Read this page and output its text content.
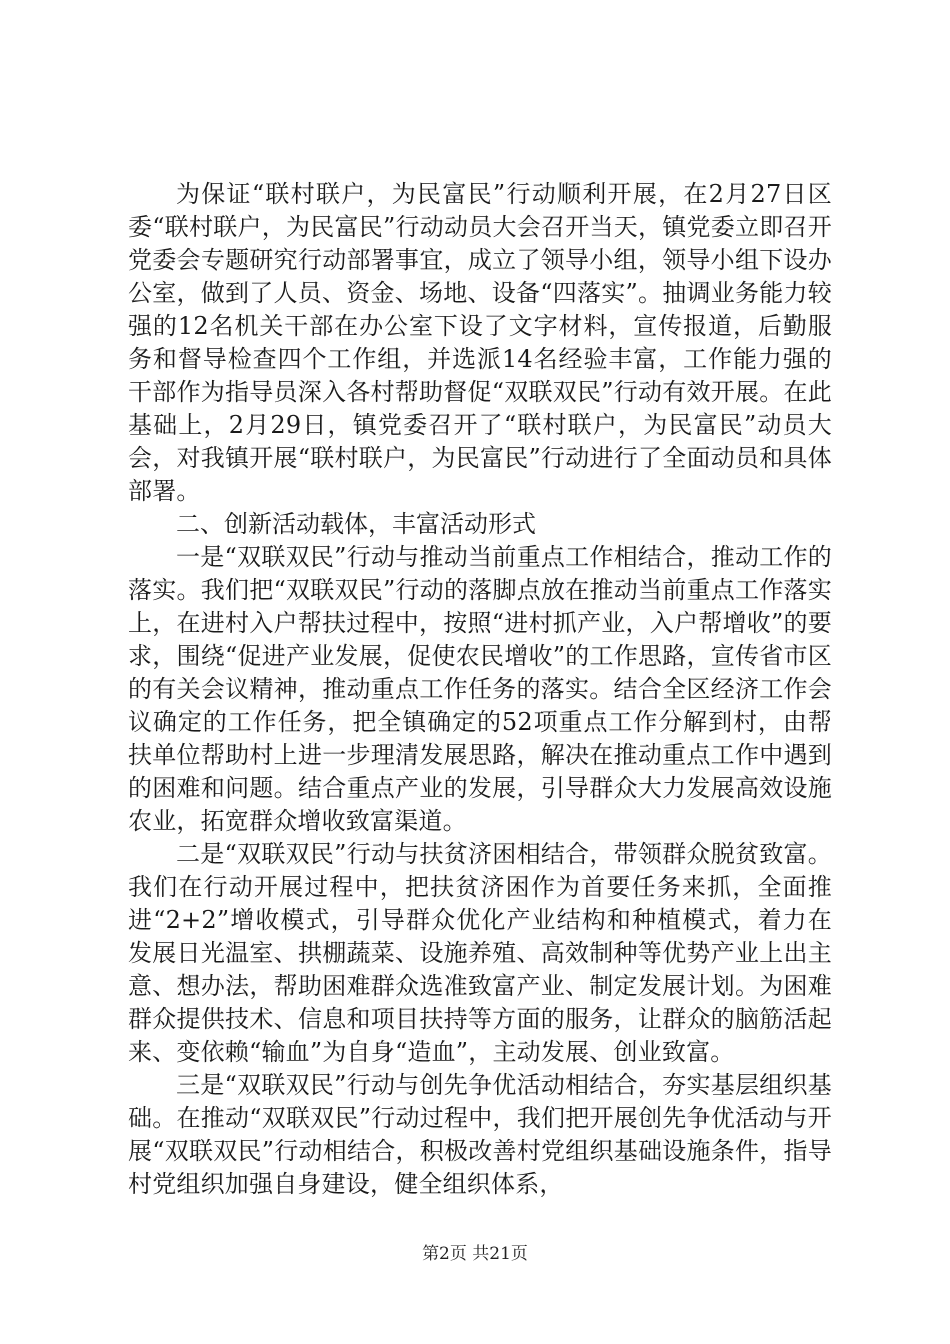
为保证“联村联户，为民富民”行动顺利开展，在2月27日区委“联村联户，为民富民”行动动员大会召开当天，镇党委立即召开党委会专题研究行动部署事宜，成立了领导小组，领导小组下设办公室，做到了人员、资金、场地、设备“四落实”。抽调业务能力较强的12名机关干部在办公室下设了文字材料，宣传报道，后勤服务和督导检查四个工作组，并选派14名经验丰富，工作能力强的干部作为指导员深入各村帮助督促“双联双民”行动有效开展。在此基础上，2月29日，镇党委召开了“联村联户，为民富民”动员大会，对我镇开展“联村联户，为民富民”行动进行了全面动员和具体部署。

二、创新活动载体，丰富活动形式

一是“双联双民”行动与推动当前重点工作相结合，推动工作的落实。我们把“双联双民”行动的落脚点放在推动当前重点工作落实上，在进村入户帮扶过程中，按照“进村抓产业，入户帮增收”的要求，围绕“促进产业发展，促使农民增收”的工作思路，宣传省市区的有关会议精神，推动重点工作任务的落实。结合全区经济工作会议确定的工作任务，把全镇确定的52项重点工作分解到村，由帮扶单位帮助村上进一步理清发展思路，解决在推动重点工作中遇到的困难和问题。结合重点产业的发展，引导群众大力发展高效设施农业，拓宽群众增收致富渠道。

二是“双联双民”行动与扶贫济困相结合，带领群众脱贫致富。我们在行动开展过程中，把扶贫济困作为首要任务来抓，全面推进“2+2”增收模式，引导群众优化产业结构和种植模式，着力在发展日光温室、拱棚蔬菜、设施养殖、高效制种等优势产业上出主意、想办法，帮助困难群众选准致富产业、制定发展计划。为困难群众提供技术、信息和项目扶持等方面的服务，让群众的脑筋活起来、变依赖“输血”为自身“造血”，主动发展、创业致富。

三是“双联双民”行动与创先争优活动相结合，夯实基层组织基础。在推动“双联双民”行动过程中，我们把开展创先争优活动与开展“双联双民”行动相结合，积极改善村党组织基础设施条件，指导村党组织加强自身建设，健全组织体系，

第2页 共21页
